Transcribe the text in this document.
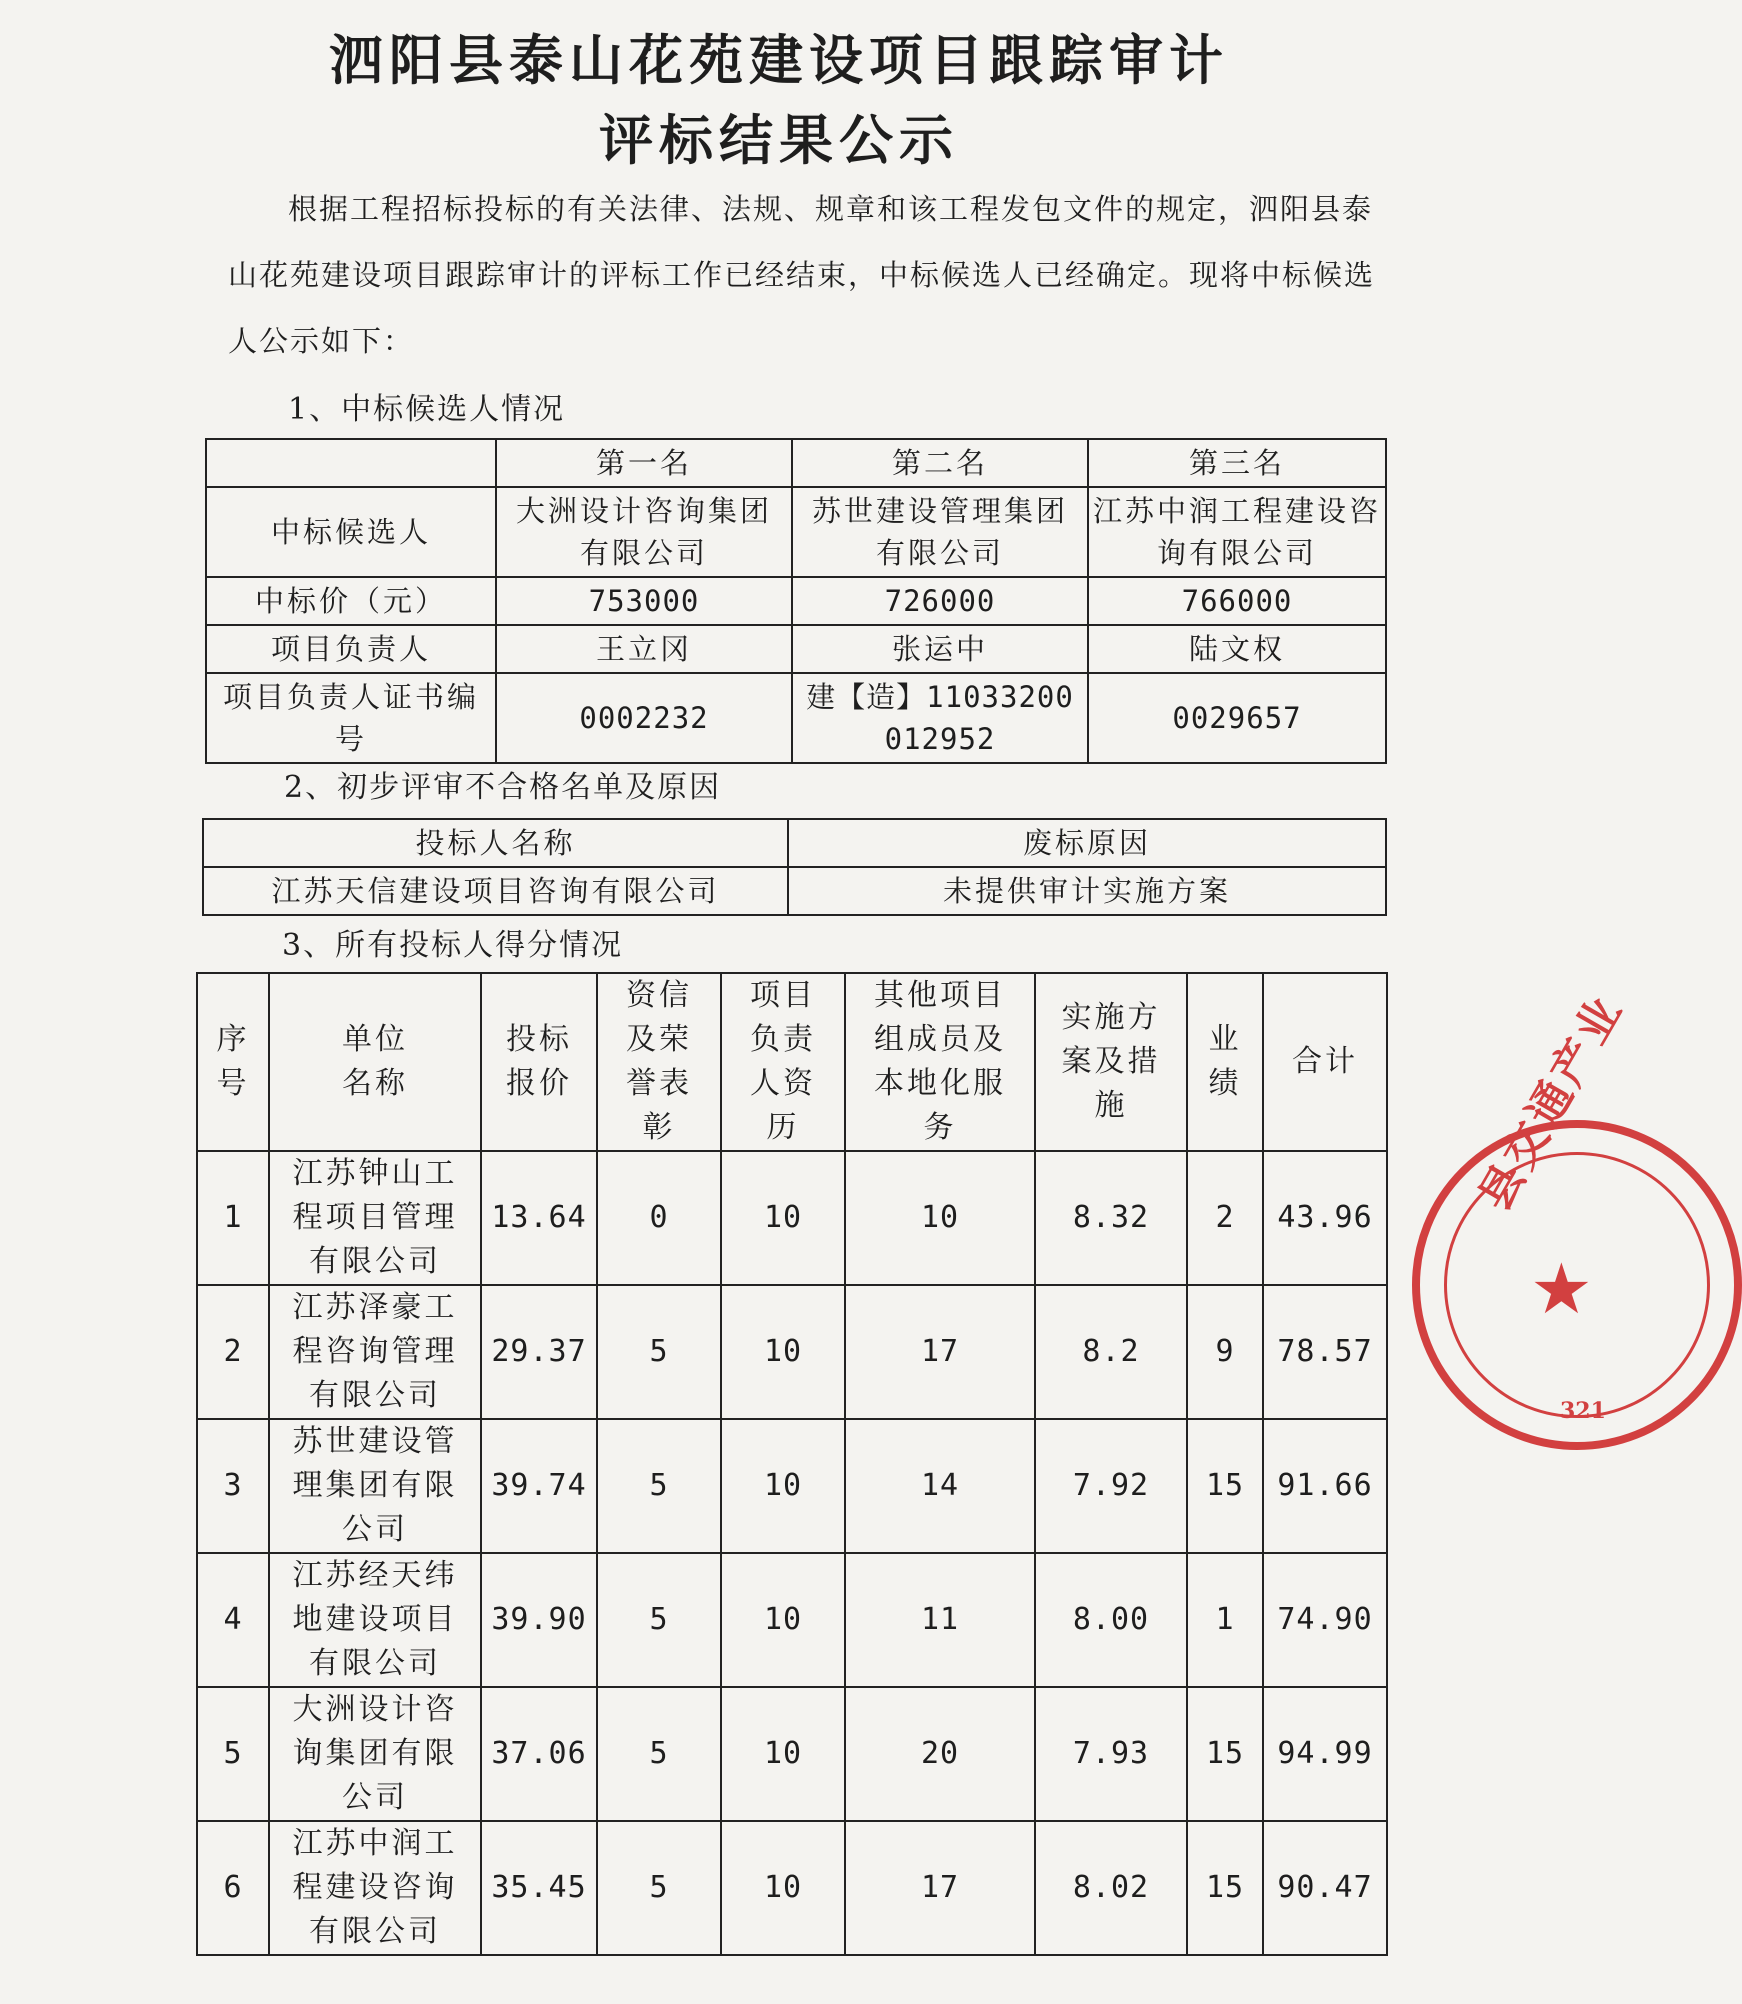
泗阳县泰山花苑建设项目跟踪审计
评标结果公示
根据工程招标投标的有关法律、法规、规章和该工程发包文件的规定，泗阳县泰山花苑建设项目跟踪审计的评标工作已经结束，中标候选人已经确定。现将中标候选人公示如下：
1、中标候选人情况
	第一名	第二名	第三名
中标候选人	大洲设计咨询集团有限公司	苏世建设管理集团有限公司	江苏中润工程建设咨询有限公司
中标价（元）	753000	726000	766000
项目负责人	王立冈	张运中	陆文权
项目负责人证书编号	0002232	建【造】11033200012952	0029657
2、初步评审不合格名单及原因
投标人名称	废标原因
江苏天信建设项目咨询有限公司	未提供审计实施方案
3、所有投标人得分情况
序号	单位名称	投标报价	资信及荣誉表彰	项目负责人资历	其他项目组成员及本地化服务	实施方案及措施	业绩	合计
1	江苏钟山工程项目管理有限公司	13.64	0	10	10	8.32	2	43.96
2	江苏泽豪工程咨询管理有限公司	29.37	5	10	17	8.2	9	78.57
3	苏世建设管理集团有限公司	39.74	5	10	14	7.92	15	91.66
4	江苏经天纬地建设项目有限公司	39.90	5	10	11	8.00	1	74.90
5	大洲设计咨询集团有限公司	37.06	5	10	20	7.93	15	94.99
6	江苏中润工程建设咨询有限公司	35.45	5	10	17	8.02	15	90.47
县交通产业
★
321
